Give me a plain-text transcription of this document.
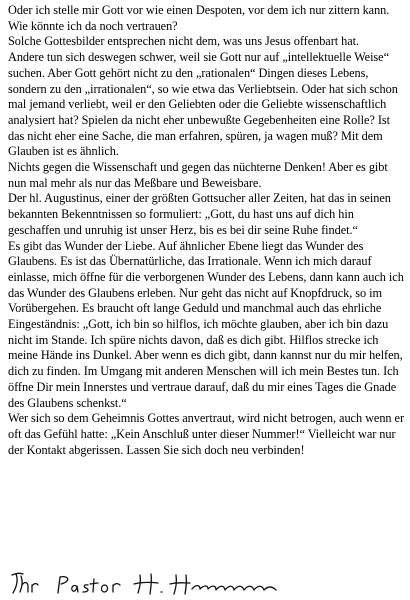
Oder ich stelle mir Gott vor wie einen Despoten, vor dem ich nur zittern kann. Wie könnte ich da noch vertrauen?

Solche Gottesbilder entsprechen nicht dem, was uns Jesus offenbart hat.

Andere tun sich deswegen schwer, weil sie Gott nur auf „intellektuelle Weise“ suchen. Aber Gott gehört nicht zu den „rationalen“ Dingen dieses Lebens, sondern zu den „irrationalen“, so wie etwa das Verliebtsein. Oder hat sich schon mal jemand verliebt, weil er den Geliebten oder die Geliebte wissenschaftlich analysiert hat? Spielen da nicht eher unbewußte Gegebenheiten eine Rolle? Ist das nicht eher eine Sache, die man erfahren, spüren, ja wagen muß? Mit dem Glauben ist es ähnlich.

Nichts gegen die Wissenschaft und gegen das nüchterne Denken! Aber es gibt nun mal mehr als nur das Meßbare und Beweisbare.

Der hl. Augustinus, einer der größten Gottsucher aller Zeiten, hat das in seinen bekannten Bekenntnissen so formuliert: „Gott, du hast uns auf dich hin geschaffen und unruhig ist unser Herz, bis es bei dir seine Ruhe findet.“

Es gibt das Wunder der Liebe. Auf ähnlicher Ebene liegt das Wunder des Glaubens. Es ist das Übernatürliche, das Irrationale. Wenn ich mich darauf einlasse, mich öffne für die verborgenen Wunder des Lebens, dann kann auch ich das Wunder des Glaubens erleben. Nur geht das nicht auf Knopfdruck, so im Vorübergehen. Es braucht oft lange Geduld und manchmal auch das ehrliche Eingeständnis: „Gott, ich bin so hilflos, ich möchte glauben, aber ich bin dazu nicht im Stande. Ich spüre nichts davon, daß es dich gibt. Hilflos strecke ich meine Hände ins Dunkel. Aber wenn es dich gibt, dann kannst nur du mir helfen, dich zu finden. Im Umgang mit anderen Menschen will ich mein Bestes tun. Ich öffne Dir mein Innerstes und vertraue darauf, daß du mir eines Tages die Gnade des Glaubens schenkst.“

Wer sich so dem Geheimnis Gottes anvertraut, wird nicht betrogen, auch wenn er oft das Gefühl hatte: „Kein Anschluß unter dieser Nummer!“ Vielleicht war nur der Kontakt abgerissen. Lassen Sie sich doch neu verbinden!
